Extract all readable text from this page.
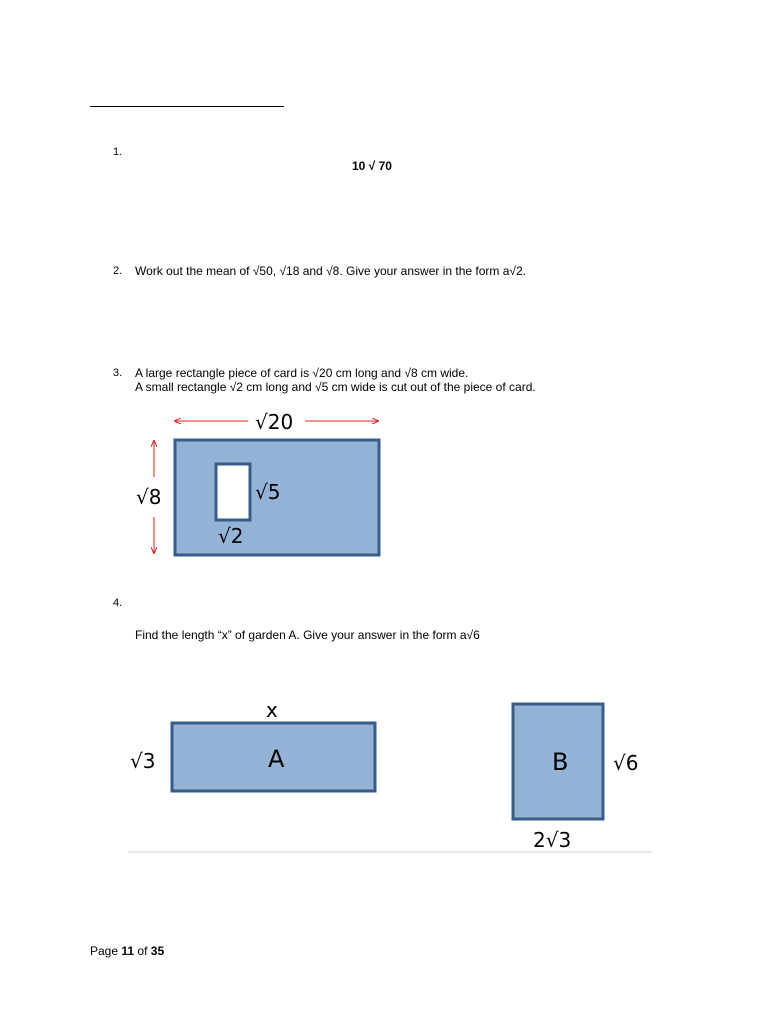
1.
10 √ 70
2. Work out the mean of √50, √18 and √8. Give your answer in the form a√2.
3. A large rectangle piece of card is √20 cm long and √8 cm wide.
A small rectangle √2 cm long and √5 cm wide is cut out of the piece of card.
√20
√8	√5
√2
4.
Find the length “x” of garden A. Give your answer in the form a√6
x
A
√3	B √6
2√3
Page 11 of 35
